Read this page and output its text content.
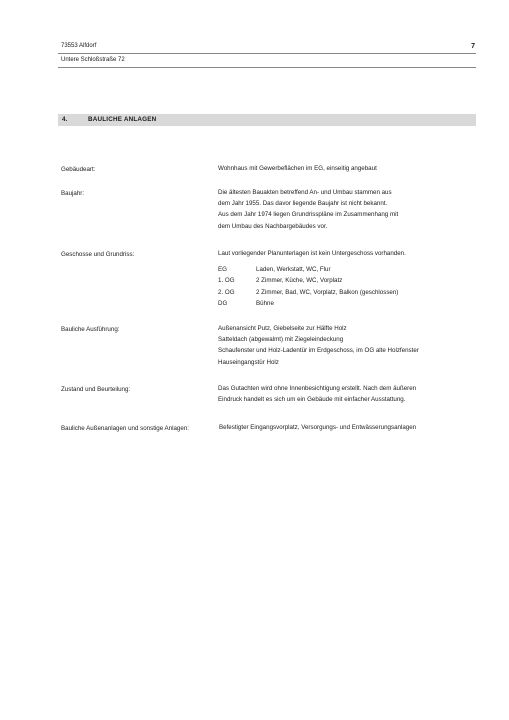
73553 Alfdorf	7
Untere Schloßstraße 72
4.	BAULICHE ANLAGEN
Gebäudeart:	Wohnhaus mit Gewerbeflächen im EG, einseitig angebaut
Baujahr:	Die ältesten Bauakten betreffend An- und Umbau stammen aus
dem Jahr 1955. Das davor liegende Baujahr ist nicht bekannt.
Aus dem Jahr 1974 liegen Grundrisspläne im Zusammenhang mit
dem Umbau des Nachbargebäudes vor.
Geschosse und Grundriss:	Laut vorliegender Planunterlagen ist kein Untergeschoss vorhanden.
EG	Laden, Werkstatt, WC, Flur
1. OG	2 Zimmer, Küche, WC, Vorplatz
2. OG	2 Zimmer, Bad, WC, Vorplatz, Balkon (geschlossen)
DG	Bühne
Bauliche Ausführung:	Außenansicht Putz, Giebelseite zur Hälfte Holz
Satteldach (abgewalmt) mit Ziegeleindeckung
Schaufenster und Holz-Ladentür im Erdgeschoss, im OG alte Holzfenster
Hauseingangstür Holz
Zustand und Beurteilung:	Das Gutachten wird ohne Innenbesichtigung erstellt. Nach dem äußeren
Eindruck handelt es sich um ein Gebäude mit einfacher Ausstattung.
Bauliche Außenanlagen und sonstige Anlagen:	Befestigter Eingangsvorplatz, Versorgungs- und Entwässerungsanlagen
